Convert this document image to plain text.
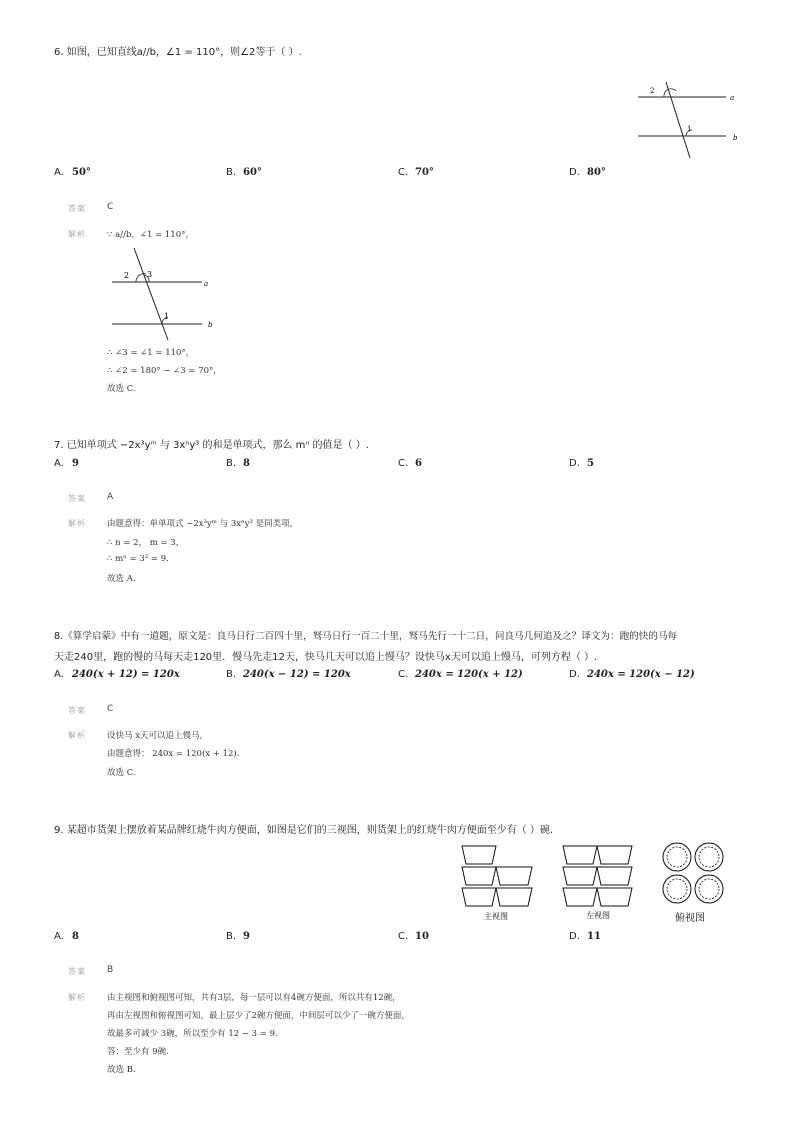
6. 如图，已知直线a//b，∠1 = 110°，则∠2等于（ ）.
2
1
a
b
A. 50°	B. 60°	C. 70°	D. 80°
答案 C
解析 ∵ a//b，∠1 = 110°，
2 3
1
a
b
∴ ∠3 = ∠1 = 110°，
∴ ∠2 = 180° − ∠3 = 70°，
故选 C.
7. 已知单项式 −2x³yᵐ 与 3xⁿy³ 的和是单项式，那么 mⁿ 的值是（ ）.
A. 9	B. 8	C. 6	D. 5
答案 A
解析 由题意得：单单项式 −2x³yᵐ 与 3xⁿy³ 是同类项，
∴ n = 2， m = 3，
∴ mⁿ = 3² = 9.
故选 A.
8.《算学启蒙》中有一道题，原文是：良马日行二百四十里，驽马日行一百二十里，驽马先行一十二日，问良马几何追及之？译文为：跑的快的马每
天走240里，跑的慢的马每天走120里．慢马先走12天，快马几天可以追上慢马？设快马x天可以追上慢马，可列方程（ ）.
A. 240(x + 12) = 120x	B. 240(x − 12) = 120x	C. 240x = 120(x + 12)	D. 240x = 120(x − 12)
答案 C
解析 设快马 x天可以追上慢马，
由题意得： 240x = 120(x + 12).
故选 C.
9. 某超市货架上摆放着某品牌红烧牛肉方便面，如图是它们的三视图，则货架上的红烧牛肉方便面至少有（ ）碗.
主视图	左视图	俯视图
A. 8	B. 9	C. 10	D. 11
答案 B
解析 由主视图和俯视图可知，共有3层，每一层可以有4碗方便面，所以共有12碗，
再由左视图和俯视图可知，最上层少了2碗方便面，中间层可以少了一碗方便面，
故最多可减少 3碗，所以至少有 12 − 3 = 9.
答：至少有 9碗.
故选 B.
